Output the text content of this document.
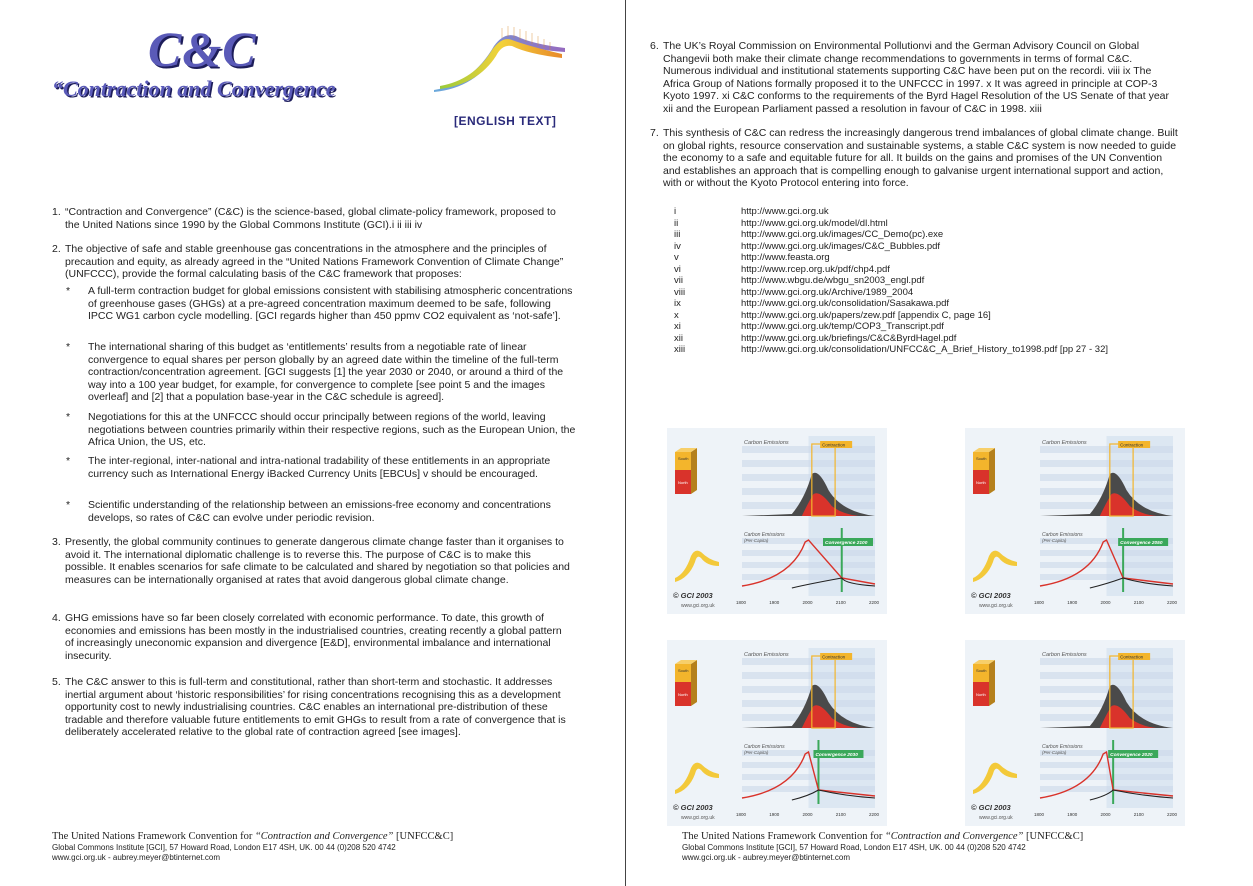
C&C
“Contraction and Convergence
[ENGLISH TEXT]
1. “Contraction and Convergence” (C&C) is the science-based, global climate-policy framework, proposed to the United Nations since 1990 by the Global Commons Institute (GCI).i ii iii iv
2. The objective of safe and stable greenhouse gas concentrations in the atmosphere and the principles of precaution and equity, as already agreed in the “United Nations Framework Convention of Climate Change” (UNFCCC), provide the formal calculating basis of the C&C framework that proposes:
* A full-term contraction budget for global emissions consistent with stabilising atmospheric concentrations of greenhouse gases (GHGs) at a pre-agreed concentration maximum deemed to be safe, following IPCC WG1 carbon cycle modelling. [GCI regards higher than 450 ppmv CO2 equivalent as ‘not-safe’].
* The international sharing of this budget as ‘entitlements’ results from a negotiable rate of linear convergence to equal shares per person globally by an agreed date within the timeline of the full-term contraction/concentration agreement. [GCI suggests [1] the year 2030 or 2040, or around a third of the way into a 100 year budget, for example, for convergence to complete [see point 5 and the images overleaf] and [2] that a population base-year in the C&C schedule is agreed].
* Negotiations for this at the UNFCCC should occur principally between regions of the world, leaving negotiations between countries primarily within their respective regions, such as the European Union, the Africa Union, the US, etc.
* The inter-regional, inter-national and intra-national tradability of these entitlements in an appropriate currency such as International Energy iBacked Currency Units [EBCUs] v should be encouraged.
* Scientific understanding of the relationship between an emissions-free economy and concentrations develops, so rates of C&C can evolve under periodic revision.
3. Presently, the global community continues to generate dangerous climate change faster than it organises to avoid it. The international diplomatic challenge is to reverse this. The purpose of C&C is to make this possible. It enables scenarios for safe climate to be calculated and shared by negotiation so that policies and measures can be internationally organised at rates that avoid dangerous global climate change.
4. GHG emissions have so far been closely correlated with economic performance. To date, this growth of economies and emissions has been mostly in the industrialised countries, creating recently a global pattern of increasingly uneconomic expansion and divergence [E&D], environmental imbalance and international insecurity.
5. The C&C answer to this is full-term and constitutional, rather than short-term and stochastic. It addresses inertial argument about ‘historic responsibilities’ for rising concentrations recognising this as a development opportunity cost to newly industrialising countries. C&C enables an international pre-distribution of these tradable and therefore valuable future entitlements to emit GHGs to result from a rate of convergence that is deliberately accelerated relative to the global rate of contraction agreed [see images].
The United Nations Framework Convention for “Contraction and Convergence” [UNFCC&C]
Global Commons Institute [GCI], 57 Howard Road, London E17 4SH, UK. 00 44 (0)208 520 4742
www.gci.org.uk - aubrey.meyer@btinternet.com
6. The UK’s Royal Commission on Environmental Pollutionvi and the German Advisory Council on Global Changevii both make their climate change recommendations to governments in terms of formal C&C. Numerous individual and institutional statements supporting C&C have been put on the recordi. viii ix The Africa Group of Nations formally proposed it to the UNFCCC in 1997. x It was agreed in principle at COP-3 Kyoto 1997. xi C&C conforms to the requirements of the Byrd Hagel Resolution of the US Senate of that year xii and the European Parliament passed a resolution in favour of C&C in 1998. xiii
7. This synthesis of C&C can redress the increasingly dangerous trend imbalances of global climate change. Built on global rights, resource conservation and sustainable systems, a stable C&C system is now needed to guide the economy to a safe and equitable future for all. It builds on the gains and promises of the UN Convention and establishes an approach that is compelling enough to galvanise urgent international support and action, with or without the Kyoto Protocol entering into force.
i	http://www.gci.org.uk
ii	http://www.gci.org.uk/model/dl.html
iii	http://www.gci.org.uk/images/CC_Demo(pc).exe
iv	http://www.gci.org.uk/images/C&C_Bubbles.pdf
v	http://www.feasta.org
vi	http://www.rcep.org.uk/pdf/chp4.pdf
vii	http://www.wbgu.de/wbgu_sn2003_engl.pdf
viii	http://www.gci.org.uk/Archive/1989_2004
ix	http://www.gci.org.uk/consolidation/Sasakawa.pdf
x	http://www.gci.org.uk/papers/zew.pdf [appendix C, page 16]
xi	http://www.gci.org.uk/temp/COP3_Transcript.pdf
xii	http://www.gci.org.uk/briefings/C&C&ByrdHagel.pdf
xiii	http://www.gci.org.uk/consolidation/UNFCC&C_A_Brief_History_to1998.pdf [pp 27 - 32]
South
North
© GCI 2003
www.gci.org.uk
Contraction
Carbon Emissions
Convergence 2100
Carbon Emissions
(Per-Capita)
1800	1900	2000	2100	2200
South
North
© GCI 2003
www.gci.org.uk
Contraction
Carbon Emissions
Convergence 2050
Carbon Emissions
(Per-Capita)
1800	1900	2000	2100	2200
South
North
© GCI 2003
www.gci.org.uk
Contraction
Carbon Emissions
Convergence 2030
Carbon Emissions
(Per-Capita)
1800	1900	2000	2100	2200
South
North
© GCI 2003
www.gci.org.uk
Contraction
Carbon Emissions
Convergence 2020
Carbon Emissions
(Per-Capita)
1800	1900	2000	2100	2200
The United Nations Framework Convention for “Contraction and Convergence” [UNFCC&C]
Global Commons Institute [GCI], 57 Howard Road, London E17 4SH, UK. 00 44 (0)208 520 4742
www.gci.org.uk - aubrey.meyer@btinternet.com
